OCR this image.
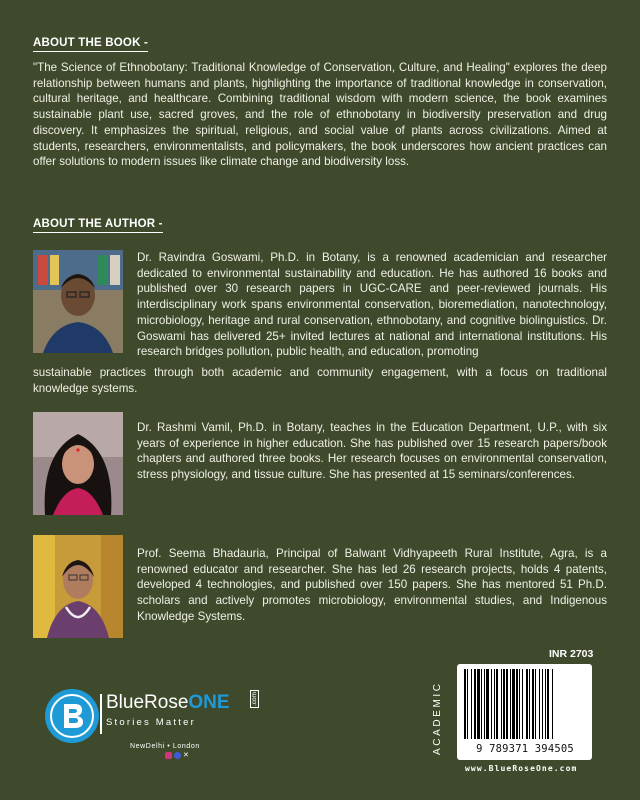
ABOUT THE BOOK -
"The Science of Ethnobotany: Traditional Knowledge of Conservation, Culture, and Healing" explores the deep relationship between humans and plants, highlighting the importance of traditional knowledge in conservation, cultural heritage, and healthcare. Combining traditional wisdom with modern science, the book examines sustainable plant use, sacred groves, and the role of ethnobotany in biodiversity preservation and drug discovery. It emphasizes the spiritual, religious, and social value of plants across civilizations. Aimed at students, researchers, environmentalists, and policymakers, the book underscores how ancient practices can offer solutions to modern issues like climate change and biodiversity loss.
ABOUT THE AUTHOR -
Dr. Ravindra Goswami, Ph.D. in Botany, is a renowned academician and researcher dedicated to environmental sustainability and education. He has authored 16 books and published over 30 research papers in UGC-CARE and peer-reviewed journals. His interdisciplinary work spans environmental conservation, bioremediation, nanotechnology, microbiology, heritage and rural conservation, ethnobotany, and cognitive biolinguistics. Dr. Goswami has delivered 25+ invited lectures at national and international institutions. His research bridges pollution, public health, and education, promoting
sustainable practices through both academic and community engagement, with a focus on traditional knowledge systems.
Dr. Rashmi Vamil, Ph.D. in Botany, teaches in the Education Department, U.P., with six years of experience in higher education. She has published over 15 research papers/book chapters and authored three books. Her research focuses on environmental conservation, stress physiology, and tissue culture. She has presented at 15 seminars/conferences.
Prof. Seema Bhadauria, Principal of Balwant Vidhyapeeth Rural Institute, Agra, is a renowned educator and researcher. She has led 26 research projects, holds 4 patents, developed 4 technologies, and published over 150 papers. She has mentored 51 Ph.D. scholars and actively promotes microbiology, environmental studies, and Indigenous Knowledge Systems.
BlueRoseONE	.com
Stories Matter
NewDelhi • London
✕
INR 2703
ACADEMIC	9 789371 394505
www.BlueRoseOne.com
